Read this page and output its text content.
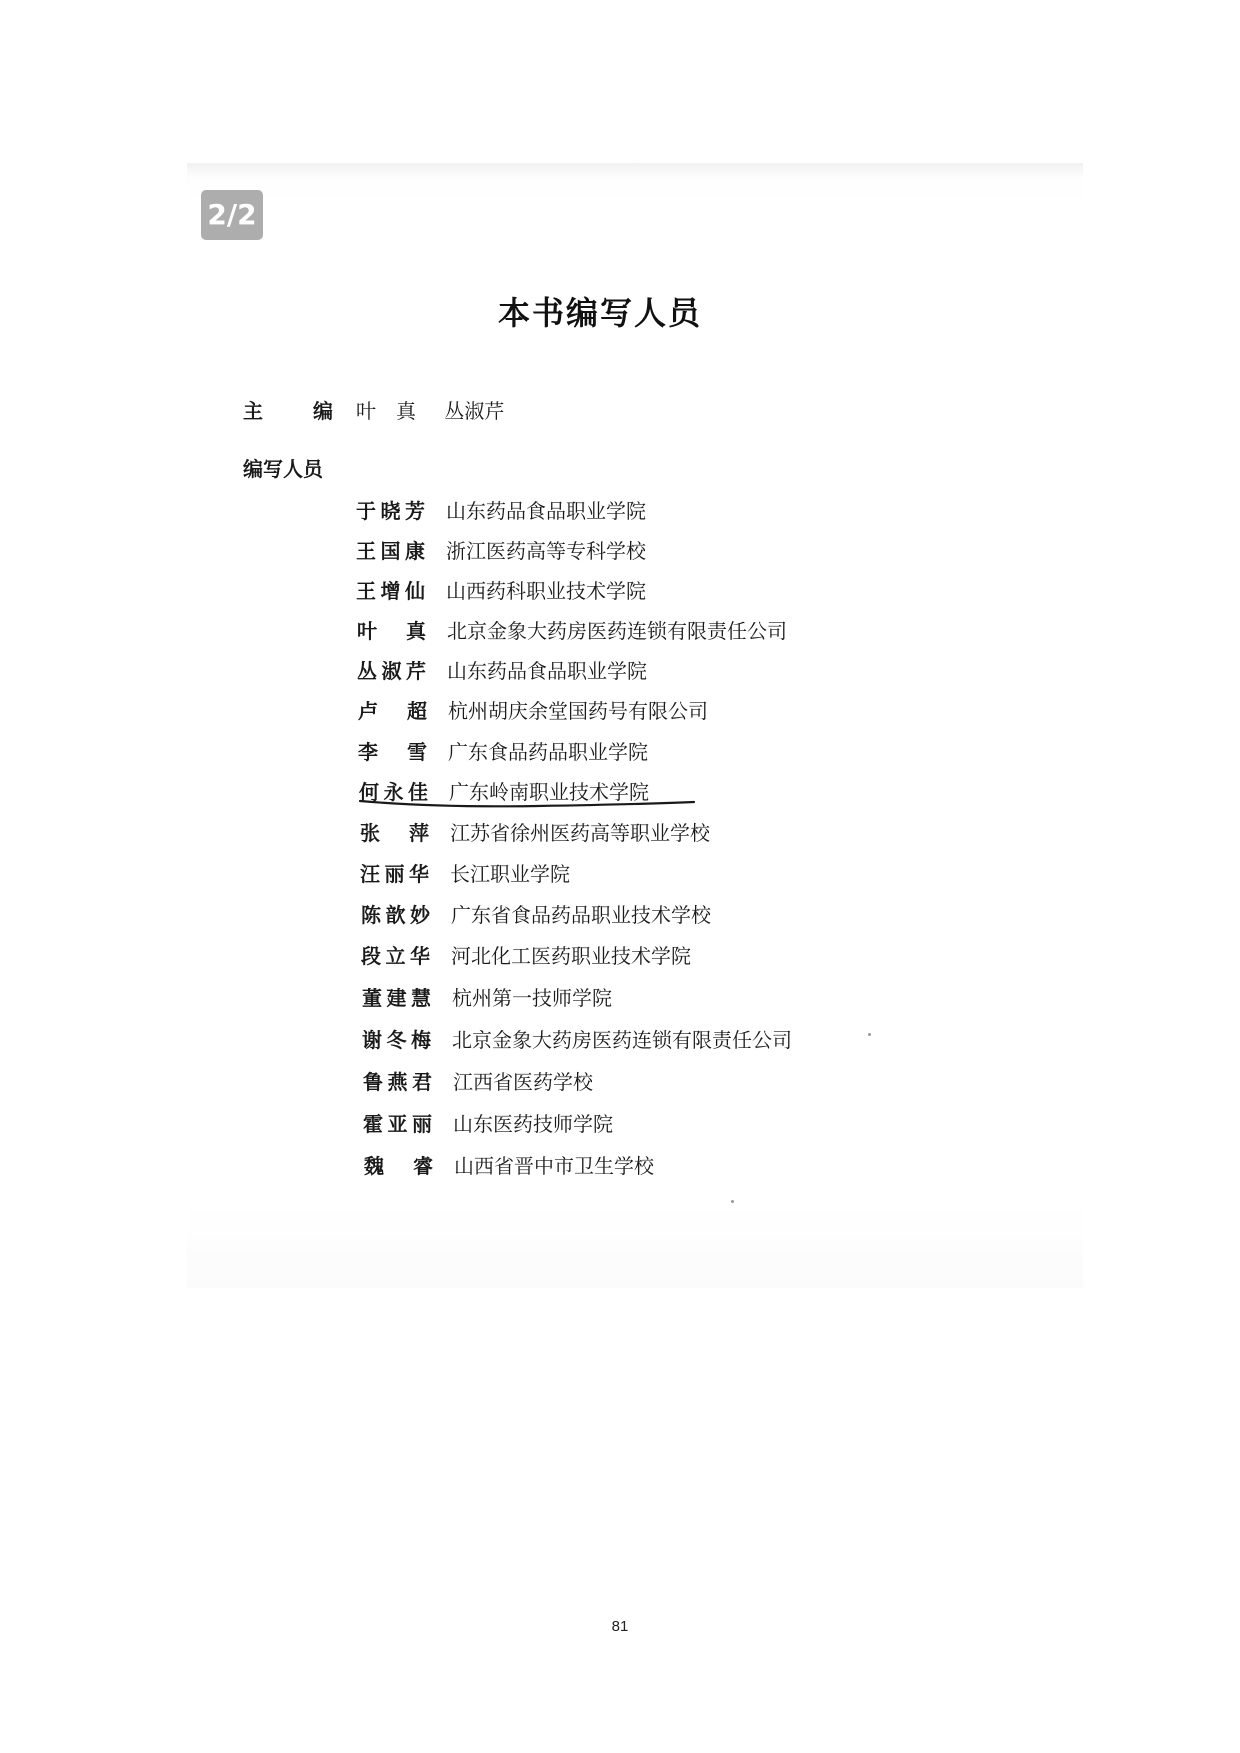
2/2
本书编写人员
主	编 叶　真 丛淑芹
编写人员
于晓芳 山东药品食品职业学院
王国康 浙江医药高等专科学校
王增仙 山西药科职业技术学院
叶　真 北京金象大药房医药连锁有限责任公司
丛淑芹 山东药品食品职业学院
卢　超 杭州胡庆余堂国药号有限公司
李　雪 广东食品药品职业学院
何永佳 广东岭南职业技术学院
张　萍 江苏省徐州医药高等职业学校
汪丽华 长江职业学院
陈歆妙 广东省食品药品职业技术学校
段立华 河北化工医药职业技术学院
董建慧 杭州第一技师学院
谢冬梅 北京金象大药房医药连锁有限责任公司
鲁燕君 江西省医药学校
霍亚丽 山东医药技师学院
魏　睿 山西省晋中市卫生学校
81
